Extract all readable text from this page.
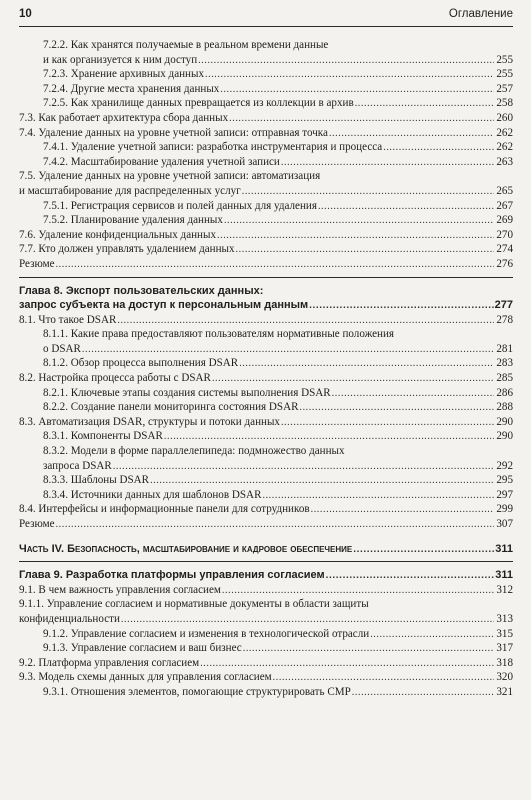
10	Оглавление
7.2.2. Как хранятся получаемые в реальном времени данные
и как организуется к ним доступ .....	255
7.2.3. Хранение архивных данных .....	255
7.2.4. Другие места хранения данных .....	257
7.2.5. Как хранилище данных превращается из коллекции в архив .....	258
7.3. Как работает архитектура сбора данных .....	260
7.4. Удаление данных на уровне учетной записи: отправная точка .....	262
7.4.1. Удаление учетной записи: разработка инструментария и процесса .....	262
7.4.2. Масштабирование удаления учетной записи .....	263
7.5. Удаление данных на уровне учетной записи: автоматизация
и масштабирование для распределенных услуг .....	265
7.5.1. Регистрация сервисов и полей данных для удаления .....	267
7.5.2. Планирование удаления данных .....	269
7.6. Удаление конфиденциальных данных .....	270
7.7. Кто должен управлять удалением данных .....	274
Резюме .....	276
Глава 8. Экспорт пользовательских данных:
запрос субъекта на доступ к персональным данным .....	277
8.1. Что такое DSAR .....	278
8.1.1. Какие права предоставляют пользователям нормативные положения
о DSAR .....	281
8.1.2. Обзор процесса выполнения DSAR .....	283
8.2. Настройка процесса работы с DSAR .....	285
8.2.1. Ключевые этапы создания системы выполнения DSAR .....	286
8.2.2. Создание панели мониторинга состояния DSAR .....	288
8.3. Автоматизация DSAR, структуры и потоки данных .....	290
8.3.1. Компоненты DSAR .....	290
8.3.2. Модели в форме параллелепипеда: подмножество данных
запроса DSAR .....	292
8.3.3. Шаблоны DSAR .....	295
8.3.4. Источники данных для шаблонов DSAR .....	297
8.4. Интерфейсы и информационные панели для сотрудников .....	299
Резюме .....	307
Часть IV. Безопасность, масштабирование и кадровое обеспечение .....	311
Глава 9. Разработка платформы управления согласием .....	311
9.1. В чем важность управления согласием .....	312
9.1.1. Управление согласием и нормативные документы в области защиты
конфиденциальности .....	313
9.1.2. Управление согласием и изменения в технологической отрасли .....	315
9.1.3. Управление согласием и ваш бизнес .....	317
9.2. Платформа управления согласием .....	318
9.3. Модель схемы данных для управления согласием .....	320
9.3.1. Отношения элементов, помогающие структурировать CMP .....	321
